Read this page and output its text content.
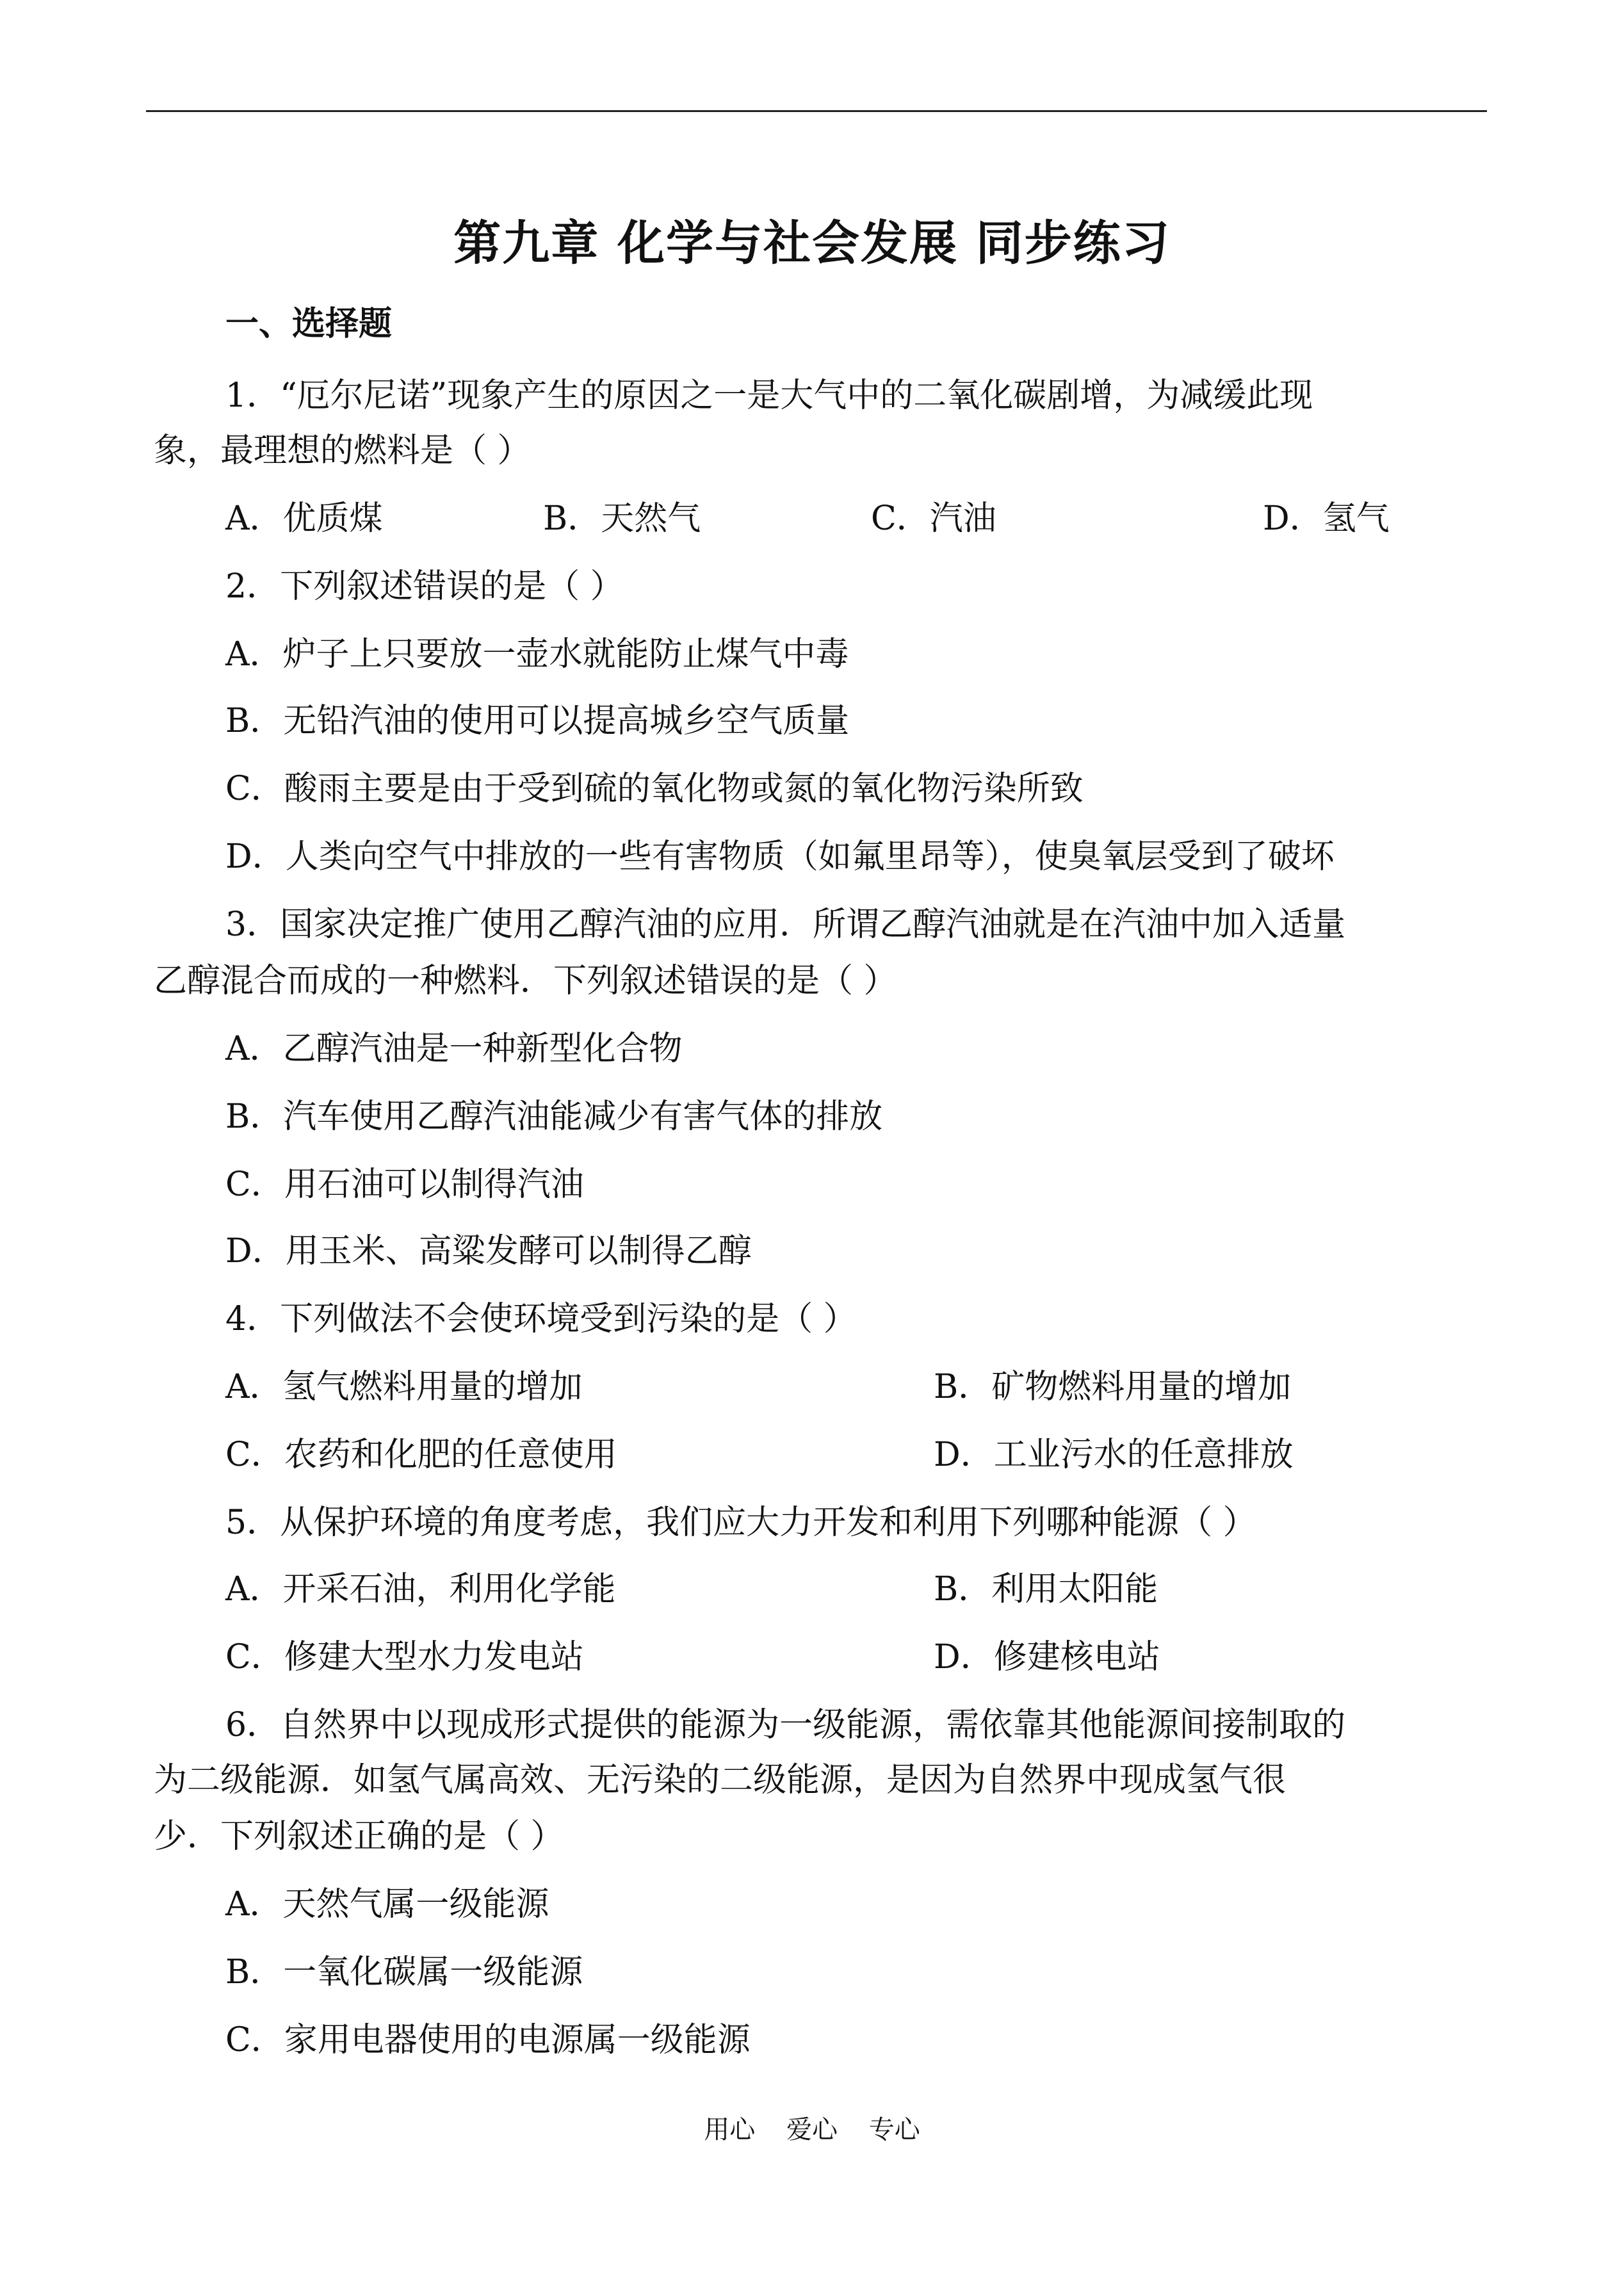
第九章 化学与社会发展 同步练习
一、选择题
1．“厄尔尼诺”现象产生的原因之一是大气中的二氧化碳剧增，为减缓此现
象，最理想的燃料是（ ）
A．优质煤	B．天然气	C．汽油	D．氢气
2．下列叙述错误的是（ ）
A．炉子上只要放一壶水就能防止煤气中毒
B．无铅汽油的使用可以提高城乡空气质量
C．酸雨主要是由于受到硫的氧化物或氮的氧化物污染所致
D．人类向空气中排放的一些有害物质（如氟里昂等），使臭氧层受到了破坏
3．国家决定推广使用乙醇汽油的应用．所谓乙醇汽油就是在汽油中加入适量
乙醇混合而成的一种燃料．下列叙述错误的是（ ）
A．乙醇汽油是一种新型化合物
B．汽车使用乙醇汽油能减少有害气体的排放
C．用石油可以制得汽油
D．用玉米、高粱发酵可以制得乙醇
4．下列做法不会使环境受到污染的是（ ）
A．氢气燃料用量的增加	B．矿物燃料用量的增加
C．农药和化肥的任意使用	D．工业污水的任意排放
5．从保护环境的角度考虑，我们应大力开发和利用下列哪种能源（ ）
A．开采石油，利用化学能	B．利用太阳能
C．修建大型水力发电站	D．修建核电站
6．自然界中以现成形式提供的能源为一级能源，需依靠其他能源间接制取的
为二级能源．如氢气属高效、无污染的二级能源，是因为自然界中现成氢气很
少．下列叙述正确的是（ ）
A．天然气属一级能源
B．一氧化碳属一级能源
C．家用电器使用的电源属一级能源
用心 爱心 专心
